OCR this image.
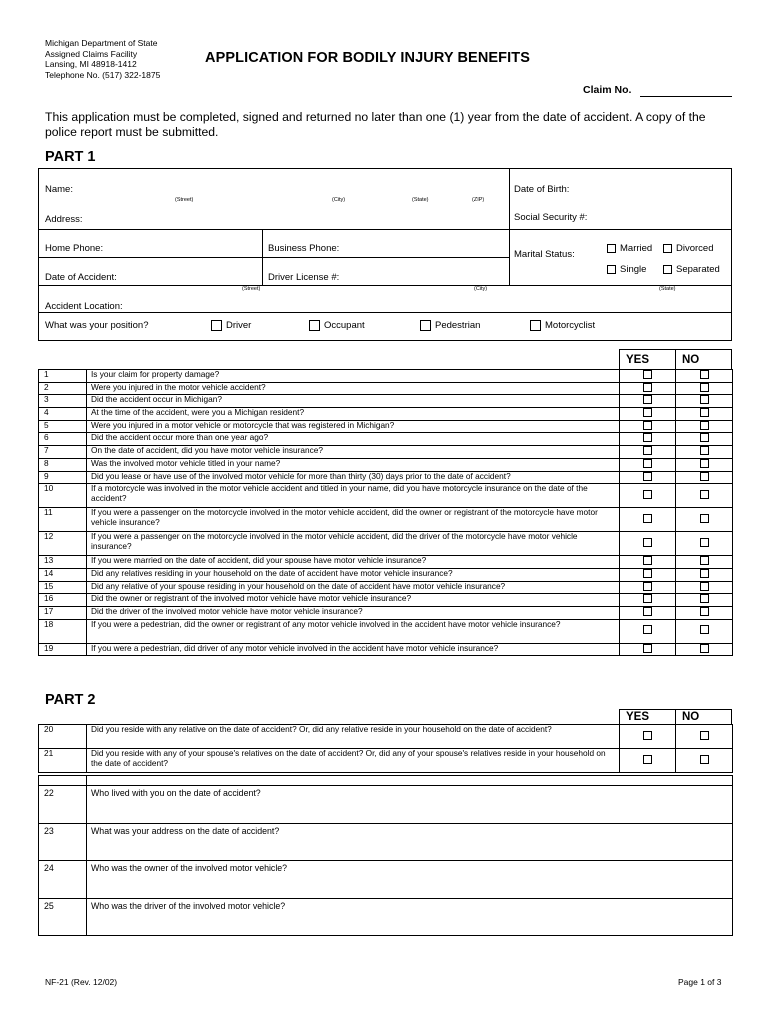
Michigan Department of State
Assigned Claims Facility
Lansing, MI 48918-1412
Telephone No. (517) 322-1875
APPLICATION FOR BODILY INJURY BENEFITS
Claim No.
This application must be completed, signed and returned no later than one (1) year from the date of accident. A copy of the police report must be submitted.
PART 1
Name:	Date of Birth:
(Street)	(City)	(State)	(ZIP)
Address:	Social Security #:
Home Phone:	Business Phone:
Marital Status:
Married	Divorced
Single	Separated
Date of Accident:	Driver License #:
(Street)	(City)	(State)
Accident Location:
What was your position?	Driver	Occupant	Pedestrian	Motorcyclist
YES	NO
1	Is your claim for property damage?		
2	Were you injured in the motor vehicle accident?		
3	Did the accident occur in Michigan?		
4	At the time of the accident, were you a Michigan resident?		
5	Were you injured in a motor vehicle or motorcycle that was registered in Michigan?		
6	Did the accident occur more than one year ago?		
7	On the date of accident, did you have motor vehicle insurance?		
8	Was the involved motor vehicle titled in your name?		
9	Did you lease or have use of the involved motor vehicle for more than thirty (30) days prior to the date of accident?		
10	If a motorcycle was involved in the motor vehicle accident and titled in your name, did you have motorcycle insurance on the date of the accident?		
11	If you were a passenger on the motorcycle involved in the motor vehicle accident, did the owner or registrant of the motorcycle have motor vehicle insurance?		
12	If you were a passenger on the motorcycle involved in the motor vehicle accident, did the driver of the motorcycle have motor vehicle insurance?		
13	If you were married on the date of accident, did your spouse have motor vehicle insurance?		
14	Did any relatives residing in your household on the date of accident have motor vehicle insurance?		
15	Did any relative of your spouse residing in your household on the date of accident have motor vehicle insurance?		
16	Did the owner or registrant of the involved motor vehicle have motor vehicle insurance?		
17	Did the driver of the involved motor vehicle have motor vehicle insurance?		
18	If you were a pedestrian, did the owner or registrant of any motor vehicle involved in the accident have motor vehicle insurance?		
19	If you were a pedestrian, did driver of any motor vehicle involved in the accident have motor vehicle insurance?		
PART 2
YES	NO
20	Did you reside with any relative on the date of accident? Or, did any relative reside in your household on the date of accident?		
21	Did you reside with any of your spouse's relatives on the date of accident? Or, did any of your spouse's relatives reside in your household on the date of accident?		

22	Who lived with you on the date of accident?
23	What was your address on the date of accident?
24	Who was the owner of the involved motor vehicle?
25	Who was the driver of the involved motor vehicle?
NF-21 (Rev. 12/02)	Page 1 of 3
